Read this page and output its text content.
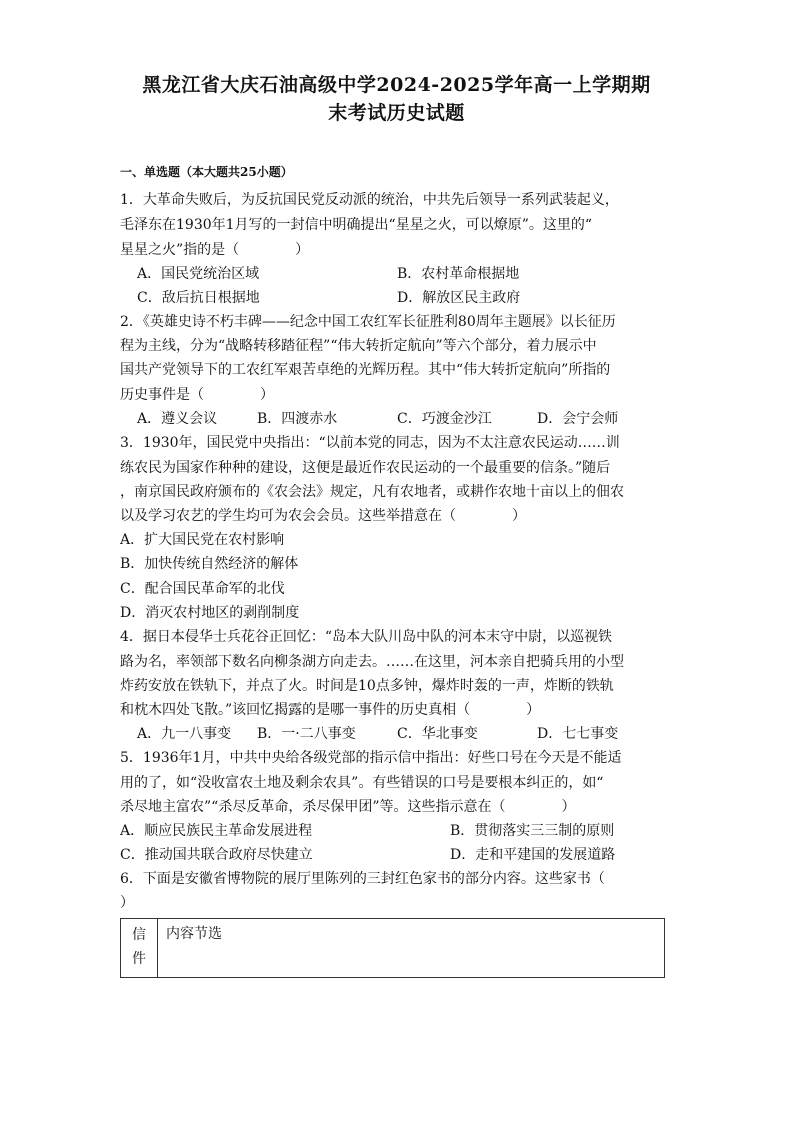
黑龙江省大庆石油高级中学2024-2025学年高一上学期期
末考试历史试题
一、单选题（本大题共25小题）
1．大革命失败后，为反抗国民党反动派的统治，中共先后领导一系列武装起义，
毛泽东在1930年1月写的一封信中明确提出“星星之火，可以燎原”。这里的“
星星之火”指的是（　　　　）
A．国民党统治区域	B．农村革命根据地
C．敌后抗日根据地	D．解放区民主政府
2．《英雄史诗不朽丰碑——纪念中国工农红军长征胜利80周年主题展》以长征历
程为主线，分为“战略转移踏征程”“伟大转折定航向”等六个部分，着力展示中
国共产党领导下的工农红军艰苦卓绝的光辉历程。其中“伟大转折定航向”所指的
历史事件是（　　　　）
A．遵义会议	B．四渡赤水	C．巧渡金沙江	D．会宁会师
3．1930年，国民党中央指出：“以前本党的同志，因为不太注意农民运动……训
练农民为国家作种种的建设，这便是最近作农民运动的一个最重要的信条。”随后
，南京国民政府颁布的《农会法》规定，凡有农地者，或耕作农地十亩以上的佃农
以及学习农艺的学生均可为农会会员。这些举措意在（　　　　）
A．扩大国民党在农村影响
B．加快传统自然经济的解体
C．配合国民革命军的北伐
D．消灭农村地区的剥削制度
4．据日本侵华士兵花谷正回忆：“岛本大队川岛中队的河本末守中尉，以巡视铁
路为名，率领部下数名向柳条湖方向走去。……在这里，河本亲自把骑兵用的小型
炸药安放在铁轨下，并点了火。时间是10点多钟，爆炸时轰的一声，炸断的铁轨
和枕木四处飞散。”该回忆揭露的是哪一事件的历史真相（　　　　）
A．九一八事变 B．一·二八事变	C．华北事变	D．七七事变
5．1936年1月，中共中央给各级党部的指示信中指出：好些口号在今天是不能适
用的了，如“没收富农土地及剩余农具”。有些错误的口号是要根本纠正的，如“
杀尽地主富农”“杀尽反革命，杀尽保甲团”等。这些指示意在（　　　　）
A．顺应民族民主革命发展进程	B．贯彻落实三三制的原则
C．推动国共联合政府尽快建立	D．走和平建国的发展道路
6．下面是安徽省博物院的展厅里陈列的三封红色家书的部分内容。这些家书（
）
信件	内容节选
